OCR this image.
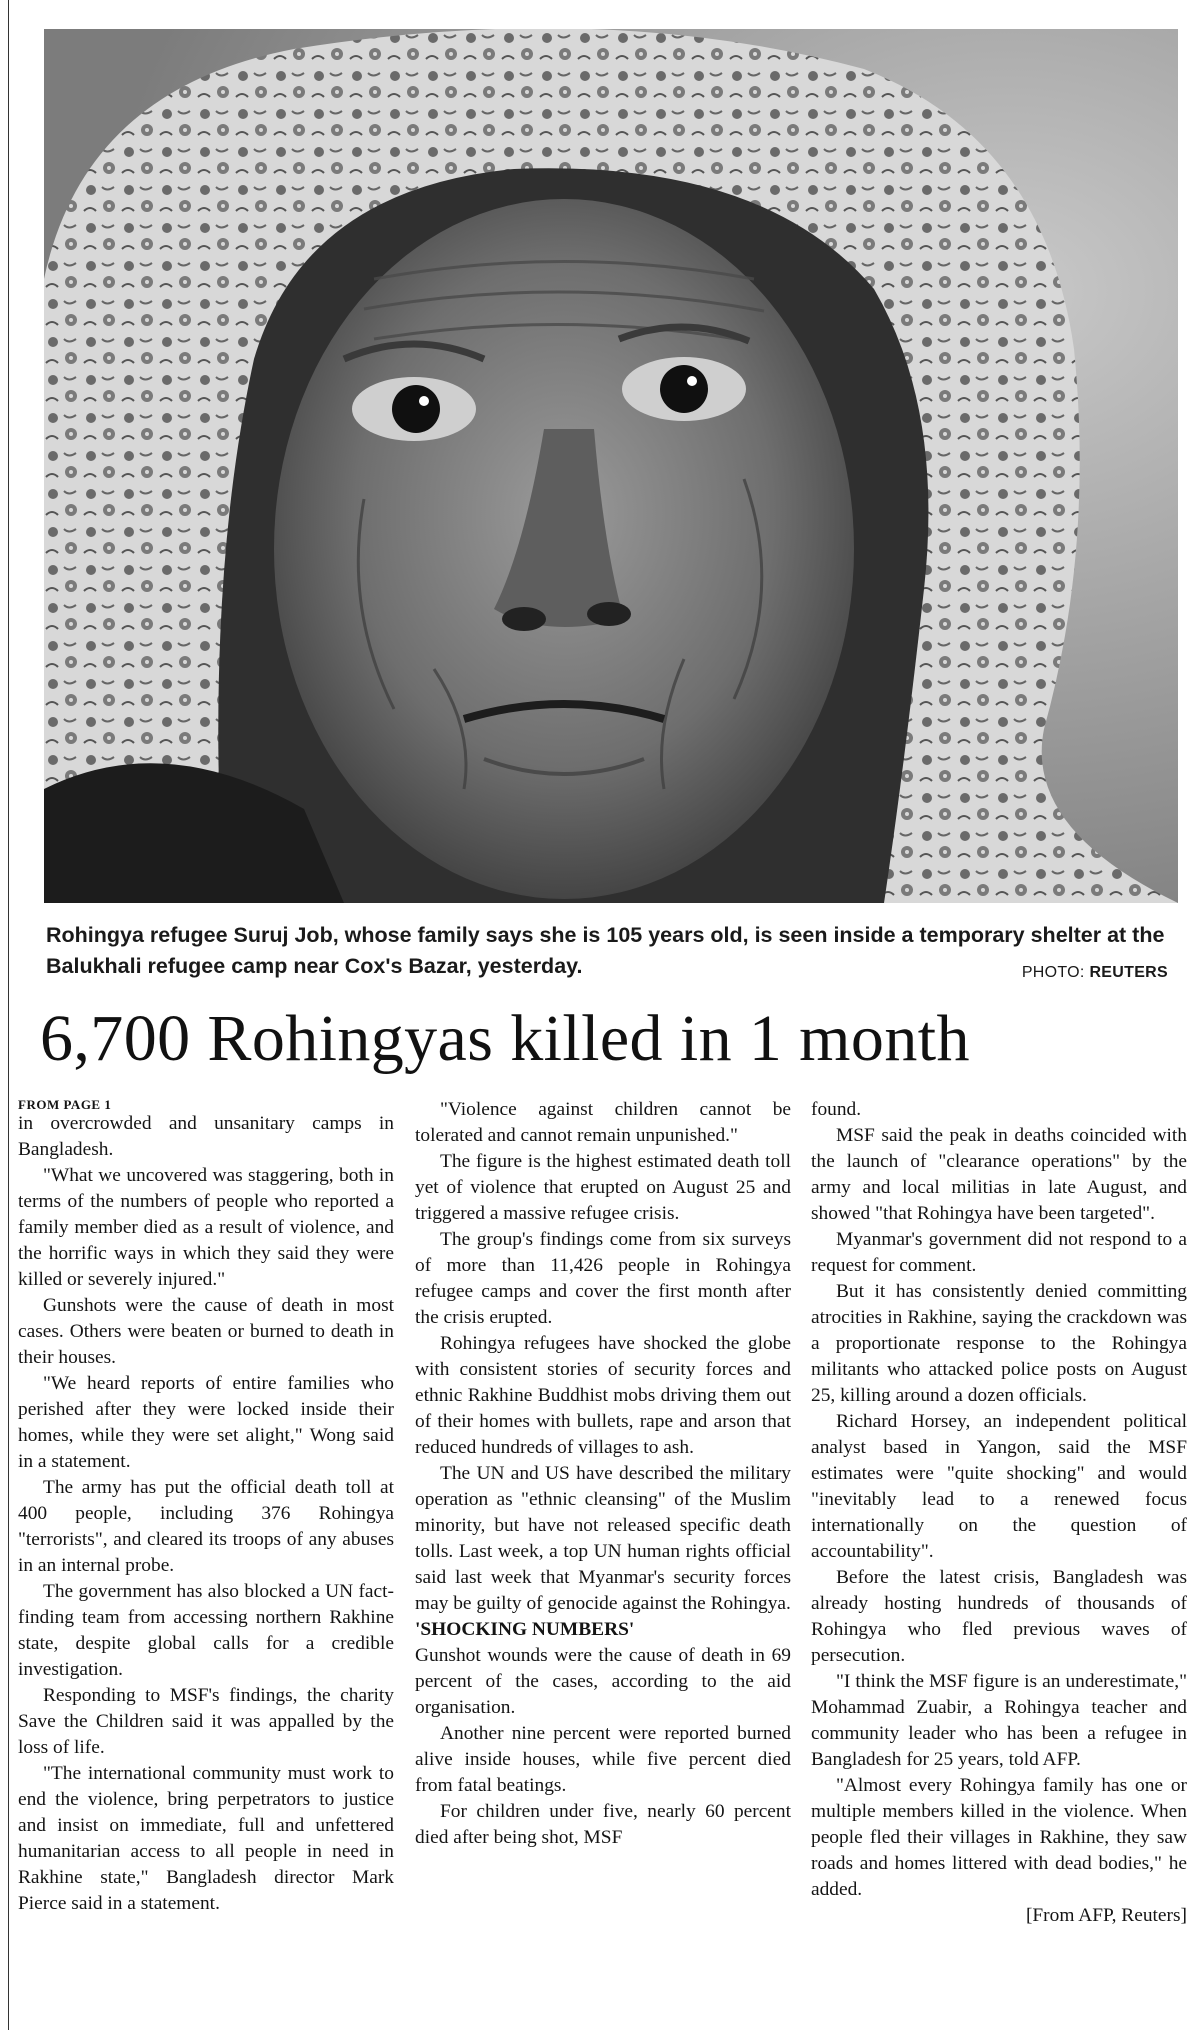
Rohingya refugee Suruj Job, whose family says she is 105 years old, is seen inside a temporary shelter at the Balukhali refugee camp near Cox's Bazar, yesterday.	PHOTO: REUTERS
6,700 Rohingyas killed in 1 month
FROM PAGE 1

in overcrowded and unsanitary camps in Bangladesh.

"What we uncovered was staggering, both in terms of the numbers of people who reported a family member died as a result of violence, and the horrific ways in which they said they were killed or severely injured."

Gunshots were the cause of death in most cases. Others were beaten or burned to death in their houses.

"We heard reports of entire families who perished after they were locked inside their homes, while they were set alight," Wong said in a statement.

The army has put the official death toll at 400 people, including 376 Rohingya "terrorists", and cleared its troops of any abuses in an internal probe.

The government has also blocked a UN fact-finding team from accessing northern Rakhine state, despite global calls for a credible investigation.

Responding to MSF's findings, the charity Save the Children said it was appalled by the loss of life.

"The international community must work to end the violence, bring perpetrators to justice and insist on immediate, full and unfettered humanitarian access to all people in need in Rakhine state," Bangladesh director Mark Pierce said in a statement.

"Violence against children cannot be tolerated and cannot remain unpunished."

The figure is the highest estimated death toll yet of violence that erupted on August 25 and triggered a massive refugee crisis.

The group's findings come from six surveys of more than 11,426 people in Rohingya refugee camps and cover the first month after the crisis erupted.

Rohingya refugees have shocked the globe with consistent stories of security forces and ethnic Rakhine Buddhist mobs driving them out of their homes with bullets, rape and arson that reduced hundreds of villages to ash.

The UN and US have described the military operation as "ethnic cleansing" of the Muslim minority, but have not released specific death tolls. Last week, a top UN human rights official said last week that Myanmar's security forces may be guilty of genocide against the Rohingya.

'SHOCKING NUMBERS'

Gunshot wounds were the cause of death in 69 percent of the cases, according to the aid organisation.

Another nine percent were reported burned alive inside houses, while five percent died from fatal beatings.

For children under five, nearly 60 percent died after being shot, MSF

found.

MSF said the peak in deaths coincided with the launch of "clearance operations" by the army and local militias in late August, and showed "that Rohingya have been targeted".

Myanmar's government did not respond to a request for comment.

But it has consistently denied committing atrocities in Rakhine, saying the crackdown was a proportionate response to the Rohingya militants who attacked police posts on August 25, killing around a dozen officials.

Richard Horsey, an independent political analyst based in Yangon, said the MSF estimates were "quite shocking" and would "inevitably lead to a renewed focus internationally on the question of accountability".

Before the latest crisis, Bangladesh was already hosting hundreds of thousands of Rohingya who fled previous waves of persecution.

"I think the MSF figure is an underestimate," Mohammad Zuabir, a Rohingya teacher and community leader who has been a refugee in Bangladesh for 25 years, told AFP.

"Almost every Rohingya family has one or multiple members killed in the violence. When people fled their villages in Rakhine, they saw roads and homes littered with dead bodies," he added.

[From AFP, Reuters]
